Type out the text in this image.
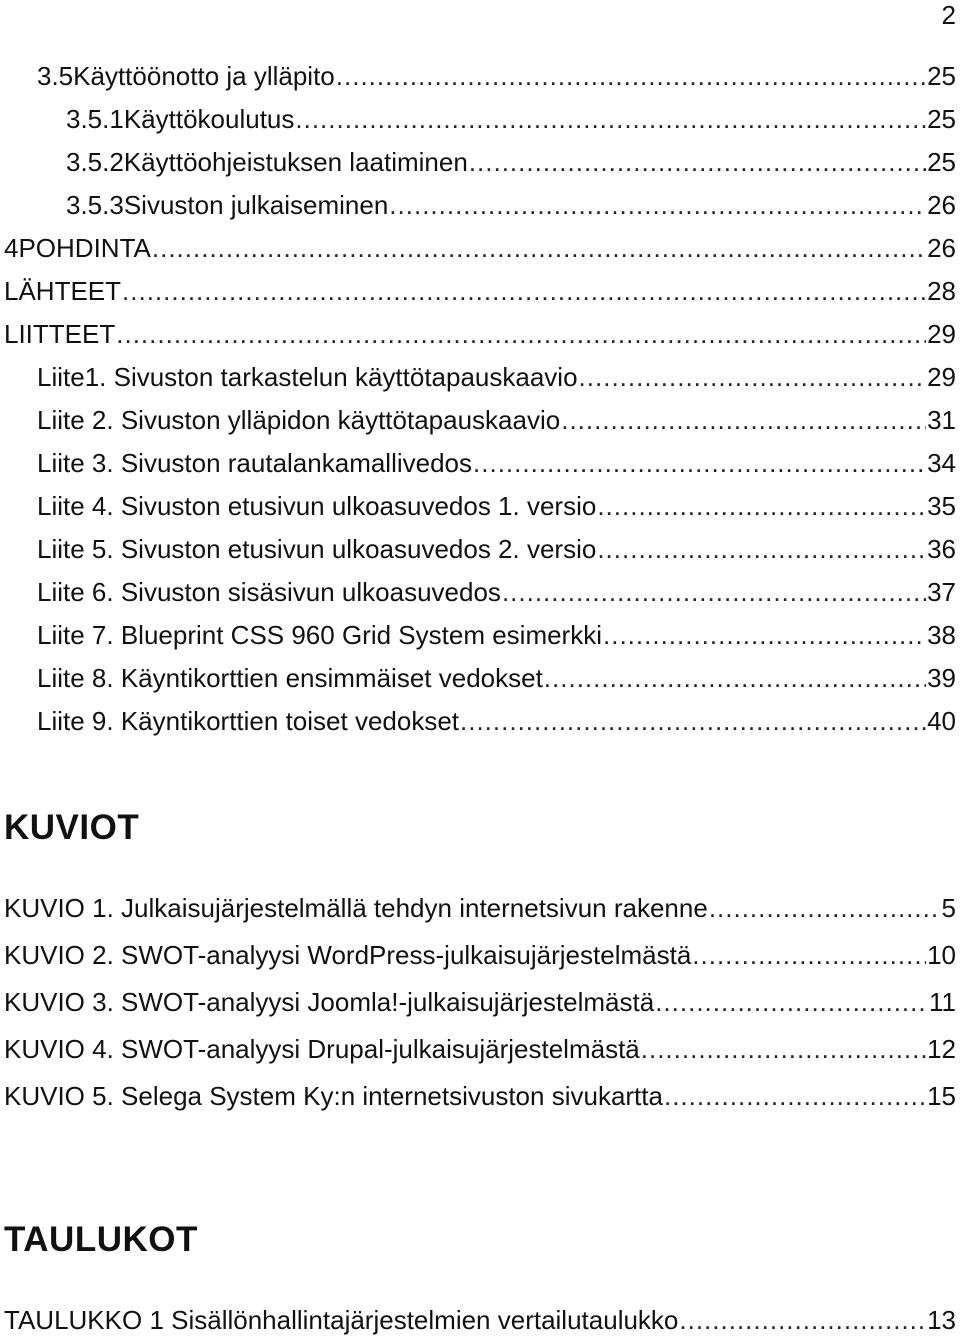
2
3.5 Käyttöönotto ja ylläpito .....	25
3.5.1 Käyttökoulutus .....	25
3.5.2 Käyttöohjeistuksen laatiminen .....	25
3.5.3 Sivuston julkaiseminen .....	26
4 POHDINTA .....	26
LÄHTEET .....	28
LIITTEET .....	29
Liite1. Sivuston tarkastelun käyttötapauskaavio .....	29
Liite 2. Sivuston ylläpidon käyttötapauskaavio .....	31
Liite 3. Sivuston rautalankamallivedos .....	34
Liite 4. Sivuston etusivun ulkoasuvedos 1. versio .....	35
Liite 5. Sivuston etusivun ulkoasuvedos 2. versio .....	36
Liite 6. Sivuston sisäsivun ulkoasuvedos .....	37
Liite 7. Blueprint CSS 960 Grid System esimerkki .....	38
Liite 8. Käyntikorttien ensimmäiset vedokset .....	39
Liite 9. Käyntikorttien toiset vedokset .....	40
KUVIOT
KUVIO 1. Julkaisujärjestelmällä tehdyn internetsivun rakenne .....	5
KUVIO 2. SWOT-analyysi WordPress-julkaisujärjestelmästä .....	10
KUVIO 3. SWOT-analyysi Joomla!-julkaisujärjestelmästä .....	11
KUVIO 4. SWOT-analyysi Drupal-julkaisujärjestelmästä .....	12
KUVIO 5. Selega System Ky:n internetsivuston sivukartta .....	15
TAULUKOT
TAULUKKO 1 Sisällönhallintajärjestelmien vertailutaulukko .....	13
